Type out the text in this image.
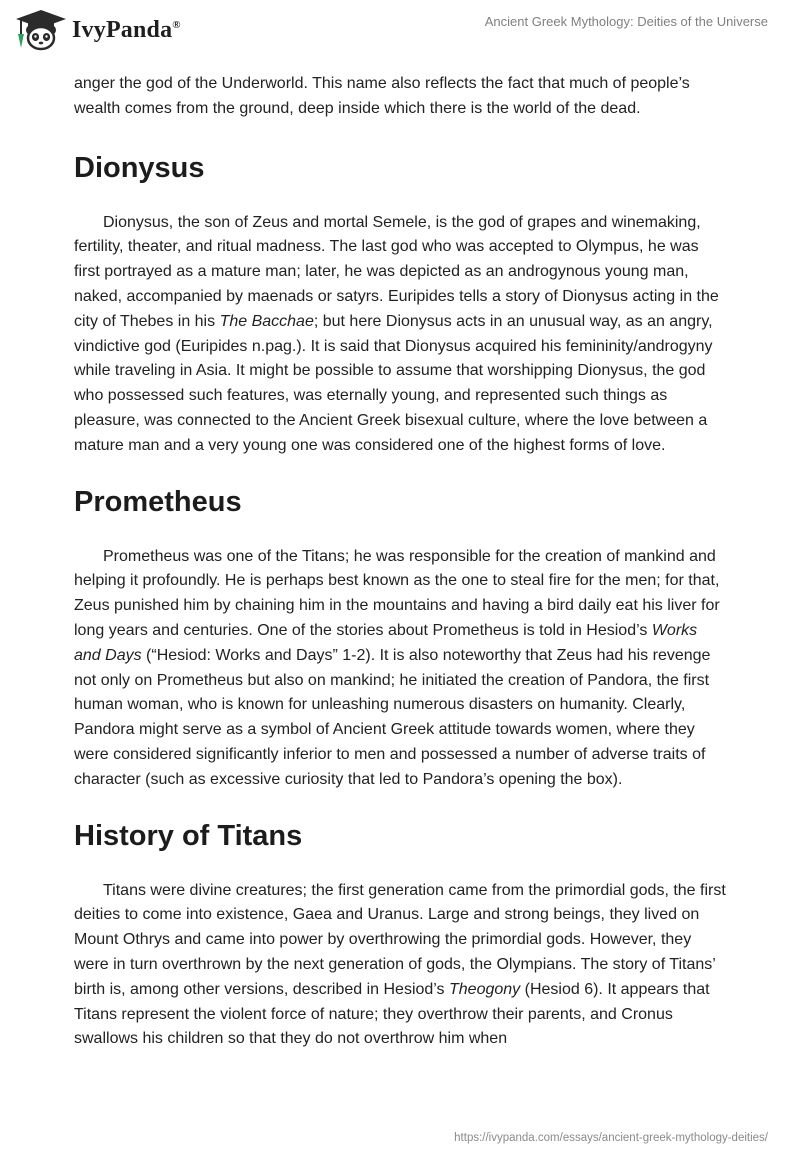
IvyPanda®	Ancient Greek Mythology: Deities of the Universe

anger the god of the Underworld. This name also reflects the fact that much of people’s wealth comes from the ground, deep inside which there is the world of the dead.

Dionysus

Dionysus, the son of Zeus and mortal Semele, is the god of grapes and winemaking, fertility, theater, and ritual madness. The last god who was accepted to Olympus, he was first portrayed as a mature man; later, he was depicted as an androgynous young man, naked, accompanied by maenads or satyrs. Euripides tells a story of Dionysus acting in the city of Thebes in his The Bacchae; but here Dionysus acts in an unusual way, as an angry, vindictive god (Euripides n.pag.). It is said that Dionysus acquired his femininity/androgyny while traveling in Asia. It might be possible to assume that worshipping Dionysus, the god who possessed such features, was eternally young, and represented such things as pleasure, was connected to the Ancient Greek bisexual culture, where the love between a mature man and a very young one was considered one of the highest forms of love.

Prometheus

Prometheus was one of the Titans; he was responsible for the creation of mankind and helping it profoundly. He is perhaps best known as the one to steal fire for the men; for that, Zeus punished him by chaining him in the mountains and having a bird daily eat his liver for long years and centuries. One of the stories about Prometheus is told in Hesiod’s Works and Days (“Hesiod: Works and Days” 1-2). It is also noteworthy that Zeus had his revenge not only on Prometheus but also on mankind; he initiated the creation of Pandora, the first human woman, who is known for unleashing numerous disasters on humanity. Clearly, Pandora might serve as a symbol of Ancient Greek attitude towards women, where they were considered significantly inferior to men and possessed a number of adverse traits of character (such as excessive curiosity that led to Pandora’s opening the box).

History of Titans

Titans were divine creatures; the first generation came from the primordial gods, the first deities to come into existence, Gaea and Uranus. Large and strong beings, they lived on Mount Othrys and came into power by overthrowing the primordial gods. However, they were in turn overthrown by the next generation of gods, the Olympians. The story of Titans’ birth is, among other versions, described in Hesiod’s Theogony (Hesiod 6). It appears that Titans represent the violent force of nature; they overthrow their parents, and Cronus swallows his children so that they do not overthrow him when

https://ivypanda.com/essays/ancient-greek-mythology-deities/
